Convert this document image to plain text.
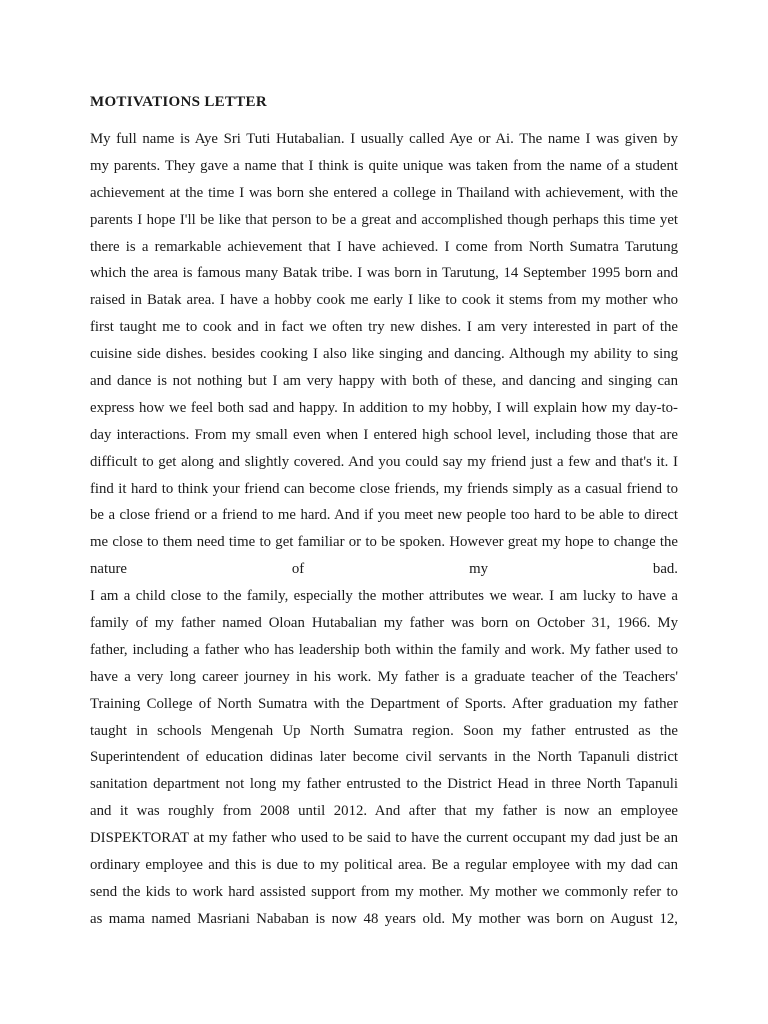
MOTIVATIONS LETTER
My full name is Aye Sri Tuti Hutabalian. I usually called Aye or Ai. The name I was given by
my parents. They gave a name that I think is quite unique was taken from the name of a student
achievement at the time I was born she entered a college in Thailand with achievement, with the
parents I hope I'll be like that person to be a great and accomplished though perhaps this time yet
there is a remarkable achievement that I have achieved. I come from North Sumatra Tarutung
which the area is famous many Batak tribe. I was born in Tarutung, 14 September 1995 born and
raised in Batak area. I have a hobby cook me early I like to cook it stems from my mother who
first taught me to cook and in fact we often try new dishes. I am very interested in part of the
cuisine side dishes. besides cooking I also like singing and dancing. Although my ability to sing
and dance is not nothing but I am very happy with both of these, and dancing and singing can
express how we feel both sad and happy. In addition to my hobby, I will explain how my day-to-
day interactions. From my small even when I entered high school level, including those that are
difficult to get along and slightly covered. And you could say my friend just a few and that's it. I
find it hard to think your friend can become close friends, my friends simply as a casual friend to
be a close friend or a friend to me hard. And if you meet new people too hard to be able to direct
me close to them need time to get familiar or to be spoken. However great my hope to change the
nature of my bad.
I am a child close to the family, especially the mother attributes we wear. I am lucky to have a
family of my father named Oloan Hutabalian my father was born on October 31, 1966. My
father, including a father who has leadership both within the family and work. My father used to
have a very long career journey in his work. My father is a graduate teacher of the Teachers'
Training College of North Sumatra with the Department of Sports. After graduation my father
taught in schools Mengenah Up North Sumatra region. Soon my father entrusted as the
Superintendent of education didinas later become civil servants in the North Tapanuli district
sanitation department not long my father entrusted to the District Head in three North Tapanuli
and it was roughly from 2008 until 2012. And after that my father is now an employee
DISPEKTORAT at my father who used to be said to have the current occupant my dad just be an
ordinary employee and this is due to my political area. Be a regular employee with my dad can
send the kids to work hard assisted support from my mother. My mother we commonly refer to
as mama named Masriani Nababan is now 48 years old. My mother was born on August 12,
